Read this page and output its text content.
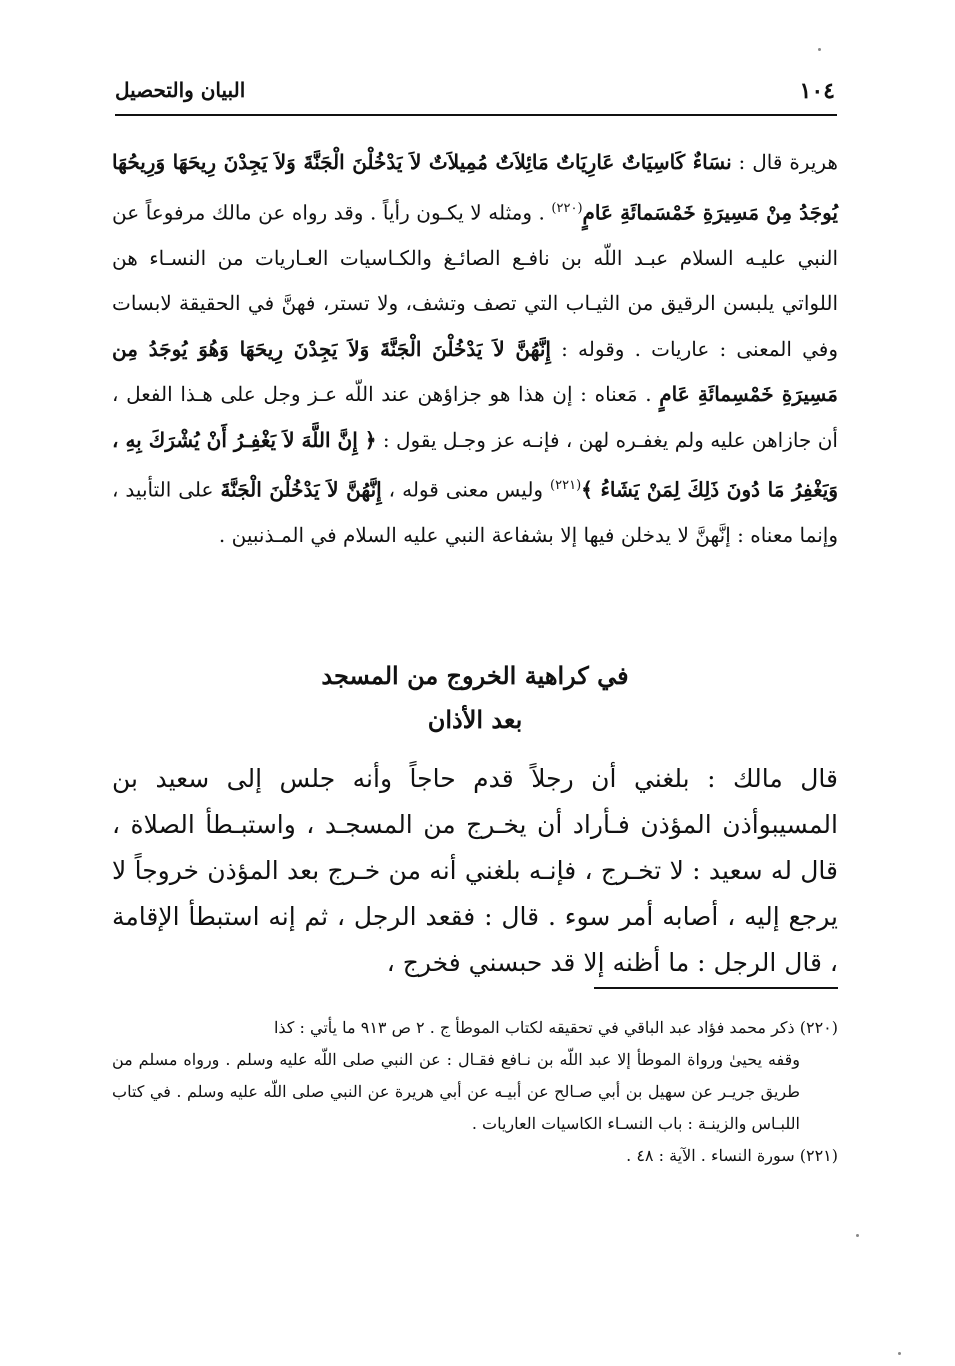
١٠٤
البيان والتحصيل

هريرة قال : نسَاءٌ كَاسِيَاتٌ عَارِيَاتٌ مَائِلاَتٌ مُمِيلاَتٌ لاَ يَدْخُلْنَ الْجَنَّةَ وَلاَ يَجِدْنَ رِيحَهَا وَرِيحُهَا يُوجَدُ مِنْ مَسِيرَةِ خَمْسَمائَةِ عَامٍ$^{(٢٢٠)}$ . ومثله لا يكـون رأياً . وقد رواه عن مالك مرفوعاً عن النبي عليـه السلام عبـد اللّه بن نافـع الصائـغ والكـاسيات العـاريات من النسـاء هن اللواتي يلبسن الرقيق من الثيـاب التي تصف وتشف، ولا تستر، فهنَّ في الحقيقة لابسات وفي المعنى : عاريات . وقوله : إِنَّهُنَّ لاَ يَدْخُلْنَ الْجَنَّةَ وَلاَ يَجِدْنَ رِيحَهَا وَهُوَ يُوجَدُ مِن مَسِيرَةِ خَمْسِمائَةِ عَامٍ . مَعناه : إن هذا هو جزاؤهن عند اللّه عـز وجل على هـذا الفعل ، أن جازاهن عليه ولم يغفـره لهن ، فإنـه عز وجـل يقول : ﴿ إِنَّ اللَّهَ لاَ يَغْفِـرُ أَنْ يُشْرَكَ بِهِ ، وَيَغْفِرُ مَا دُونَ ذَلِكَ لِمَنْ يَشَاءُ ﴾$^{(٢٢١)}$ وليس معنى قوله ، إِنَّهُنَّ لاَ يَدْخُلْنَ الْجَنَّةَ على التأبيد ، وإنما معناه : إنَّهنَّ لا يدخلن فيها إلا بشفاعة النبي عليه السلام في المـذنبين .

في كراهية الخروج من المسجد
بعد الأذان

قال مالك : بلغني أن رجلاً قدم حاجاً وأنه جلس إلى سعيد بن المسيبوأذن المؤذن فـأراد أن يخـرج من المسجـد ، واستبـطأ الصلاة ، قال له سعيد : لا تخـرج ، فإنـه بلغني أنه من خـرج بعد المؤذن خروجاً لا يرجع إليه ، أصابه أمر سوء . قال : فقعد الرجل ، ثم إنه استبطأ الإقامة ، قال الرجل : ما أظنه إلا قد حبسني فخرج ،

(٢٢٠) ذكر محمد فؤاد عبد الباقي في تحقيقه لكتاب الموطأ ج . ٢ ص ٩١٣ ما يأتي : كذا
وقفه يحيىٰ ورواة الموطأ إلا عبد اللّه بن نـافع فقـال : عن النبي صلى اللّه عليه وسلم . ورواه مسلم من طريق جريـر عن سهيل بن أبي صـالح عن أبيـه عن أبي هريرة عن النبي صلى اللّه عليه وسلم . في كتاب اللبـاس والزينـة : باب النسـاء الكاسيات العاريات .

(٢٢١) سورة النساء . الآية : ٤٨ .
